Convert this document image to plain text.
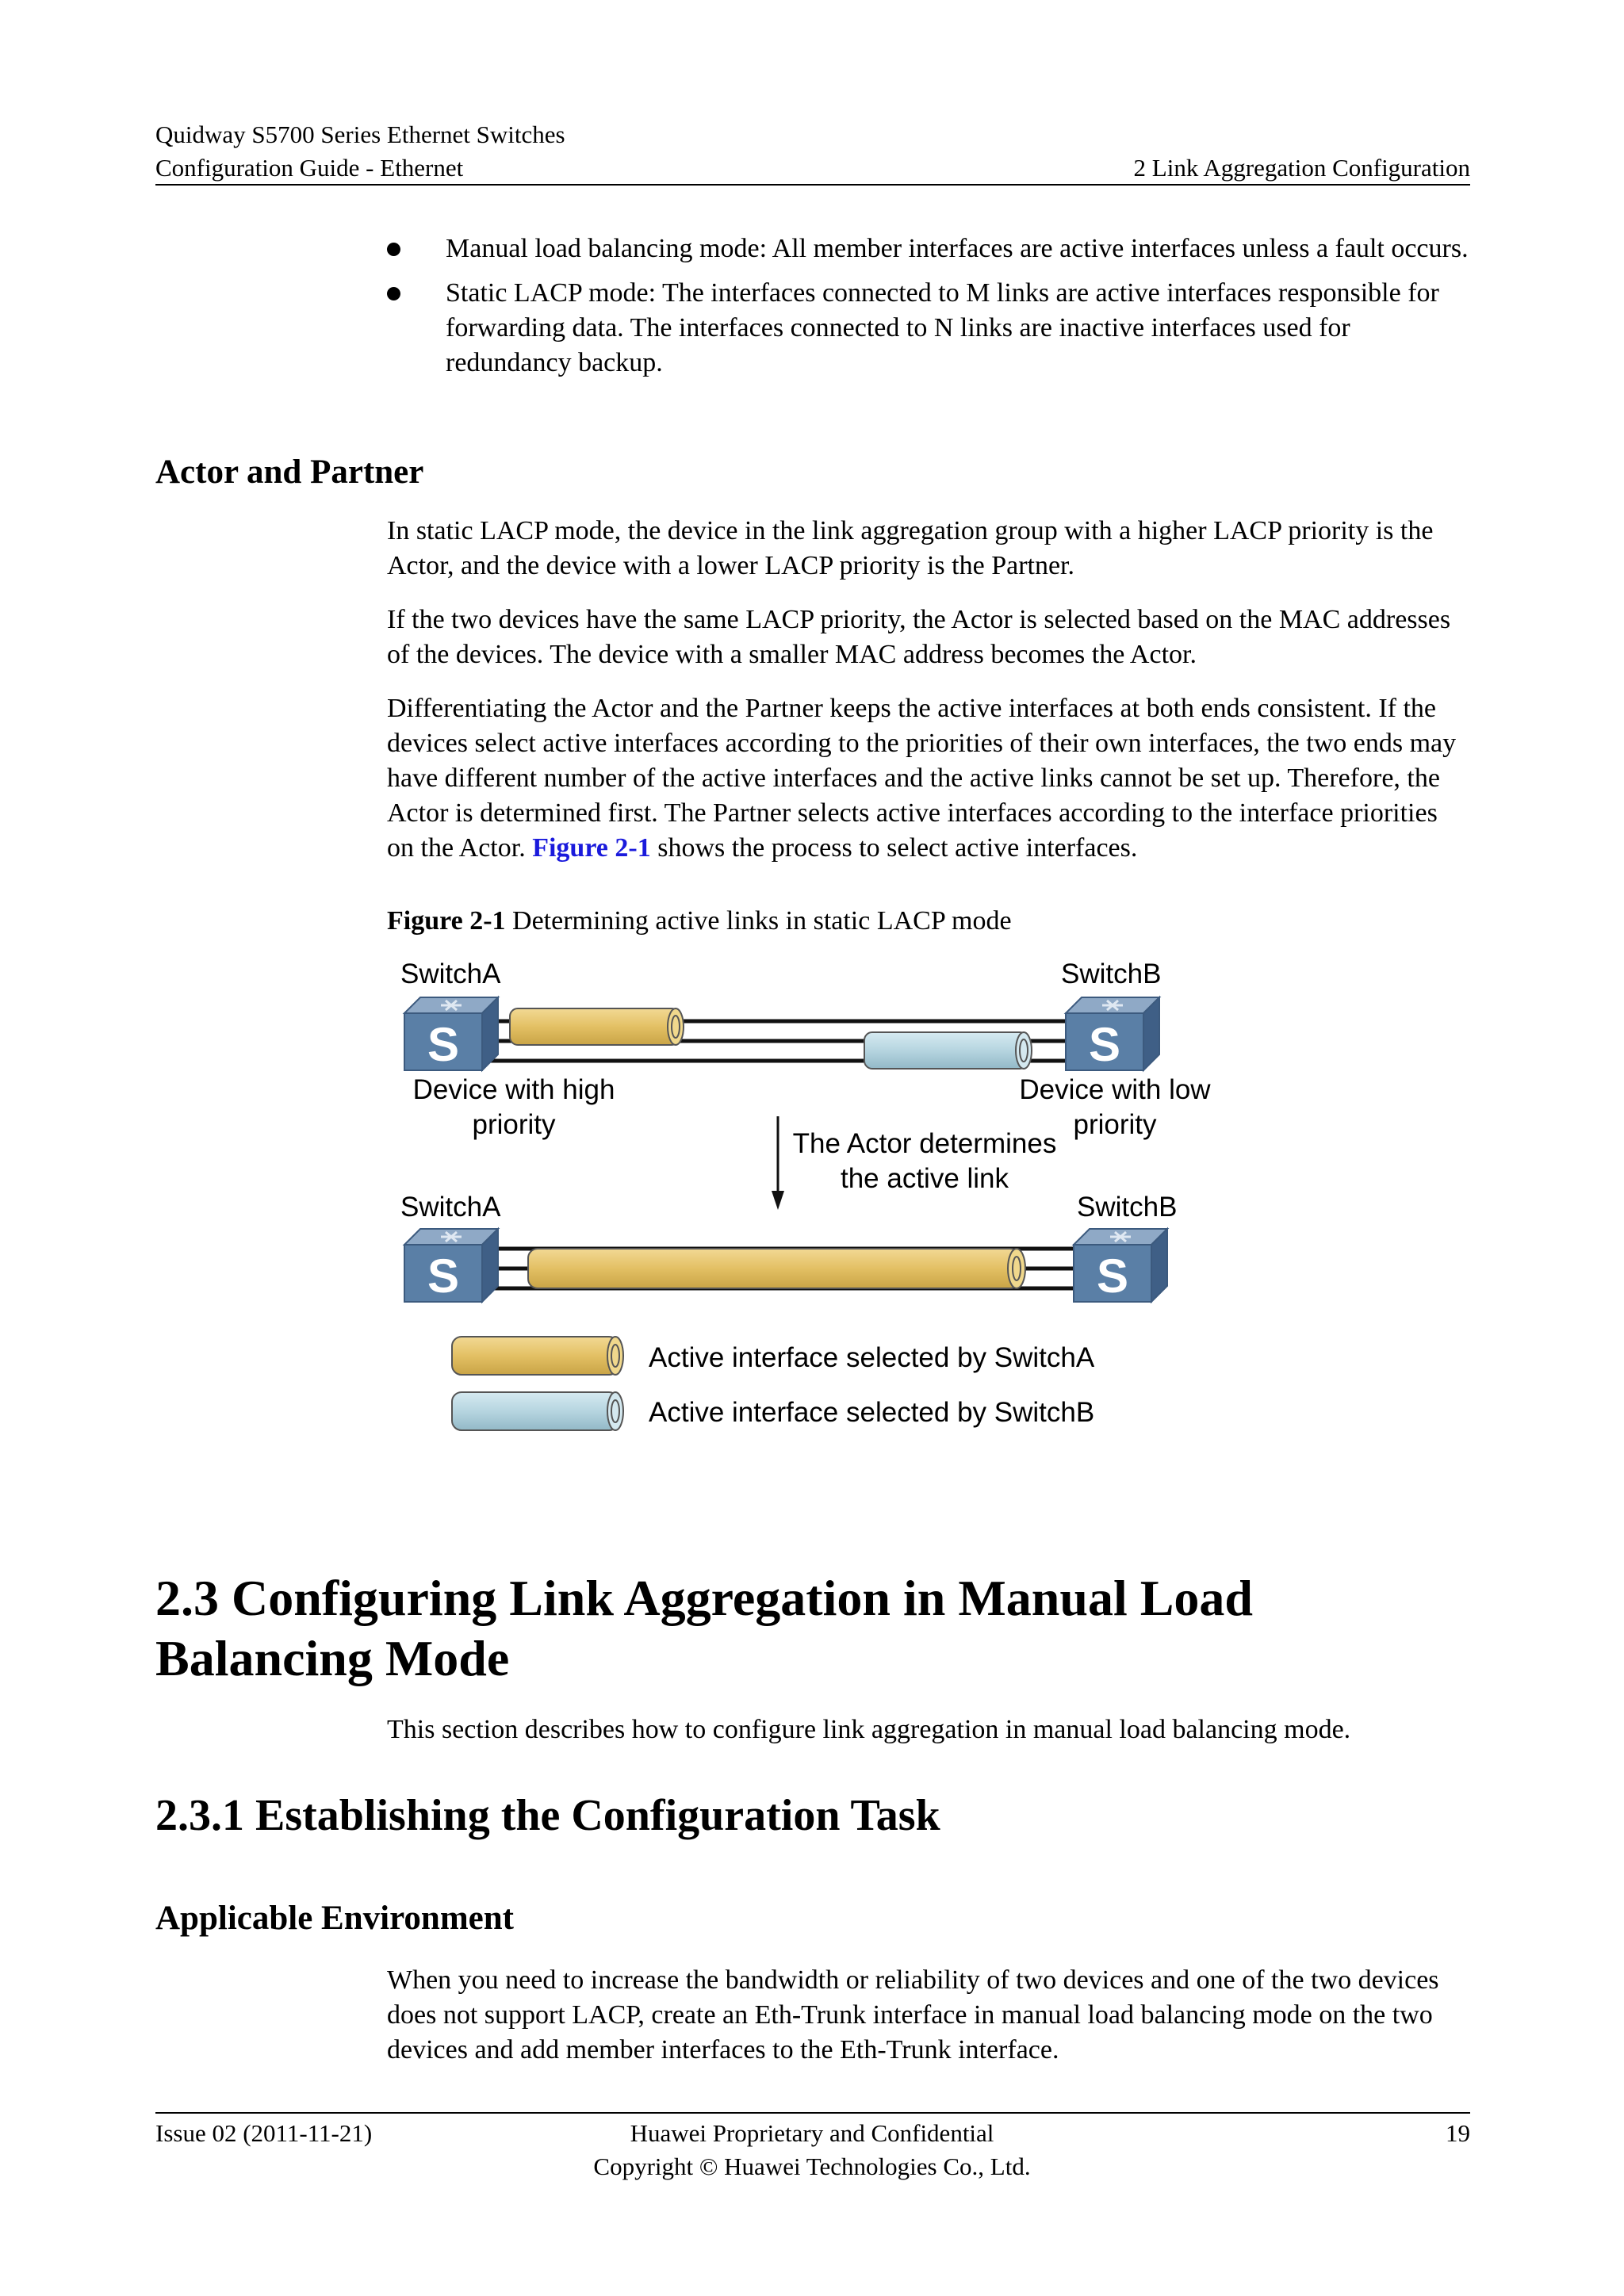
Quidway S5700 Series Ethernet Switches
Configuration Guide - Ethernet	2 Link Aggregation Configuration
Manual load balancing mode: All member interfaces are active interfaces unless a fault occurs.
Static LACP mode: The interfaces connected to M links are active interfaces responsible for forwarding data. The interfaces connected to N links are inactive interfaces used for redundancy backup.
Actor and Partner

In static LACP mode, the device in the link aggregation group with a higher LACP priority is the Actor, and the device with a lower LACP priority is the Partner.

If the two devices have the same LACP priority, the Actor is selected based on the MAC addresses of the devices. The device with a smaller MAC address becomes the Actor.

Differentiating the Actor and the Partner keeps the active interfaces at both ends consistent. If the devices select active interfaces according to the priorities of their own interfaces, the two ends may have different number of the active interfaces and the active links cannot be set up. Therefore, the Actor is determined first. The Partner selects active interfaces according to the interface priorities on the Actor. Figure 2-1 shows the process to select active interfaces.

Figure 2-1 Determining active links in static LACP mode
SwitchA	SwitchB
S	S
Device with high
priority
Device with low
priority
The Actor determines
the active link
SwitchA	SwitchB
S	S
Active interface selected by SwitchA
Active interface selected by SwitchB
2.3 Configuring Link Aggregation in Manual Load Balancing Mode
This section describes how to configure link aggregation in manual load balancing mode.
2.3.1 Establishing the Configuration Task
Applicable Environment
When you need to increase the bandwidth or reliability of two devices and one of the two devices does not support LACP, create an Eth-Trunk interface in manual load balancing mode on the two devices and add member interfaces to the Eth-Trunk interface.
Issue 02 (2011-11-21)	Huawei Proprietary and Confidential
Copyright © Huawei Technologies Co., Ltd.
19
